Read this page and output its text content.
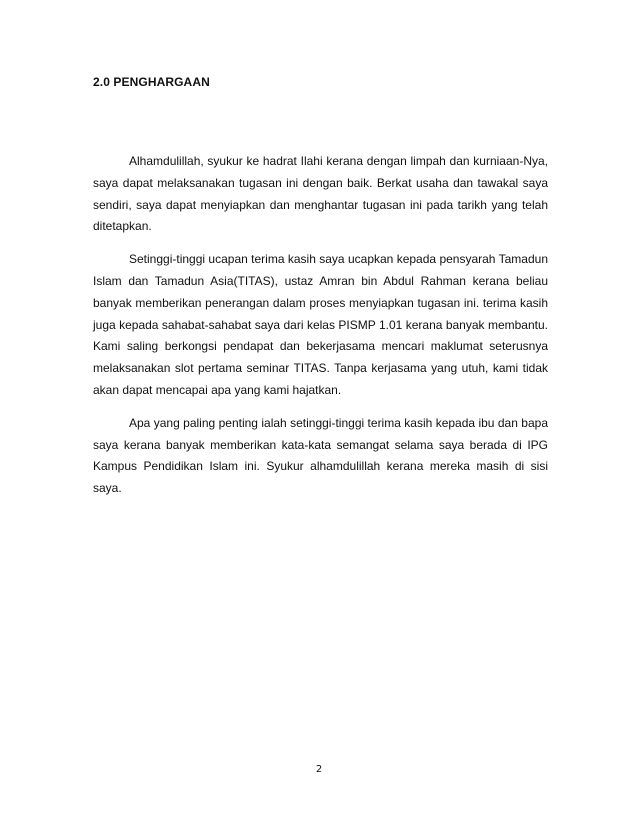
2.0 PENGHARGAAN

Alhamdulillah, syukur ke hadrat Ilahi kerana dengan limpah dan kurniaan-Nya, saya dapat melaksanakan tugasan ini dengan baik. Berkat usaha dan tawakal saya sendiri, saya dapat menyiapkan dan menghantar tugasan ini pada tarikh yang telah ditetapkan.

Setinggi-tinggi ucapan terima kasih saya ucapkan kepada pensyarah Tamadun Islam dan Tamadun Asia(TITAS), ustaz Amran bin Abdul Rahman kerana beliau banyak memberikan penerangan dalam proses menyiapkan tugasan ini. terima kasih juga kepada sahabat-sahabat saya dari kelas PISMP 1.01 kerana banyak membantu. Kami saling berkongsi pendapat dan bekerjasama mencari maklumat seterusnya melaksanakan slot pertama seminar TITAS. Tanpa kerjasama yang utuh, kami tidak akan dapat mencapai apa yang kami hajatkan.

Apa yang paling penting ialah setinggi-tinggi terima kasih kepada ibu dan bapa saya kerana banyak memberikan kata-kata semangat selama saya berada di IPG Kampus Pendidikan Islam ini. Syukur alhamdulillah kerana mereka masih di sisi saya.

2
